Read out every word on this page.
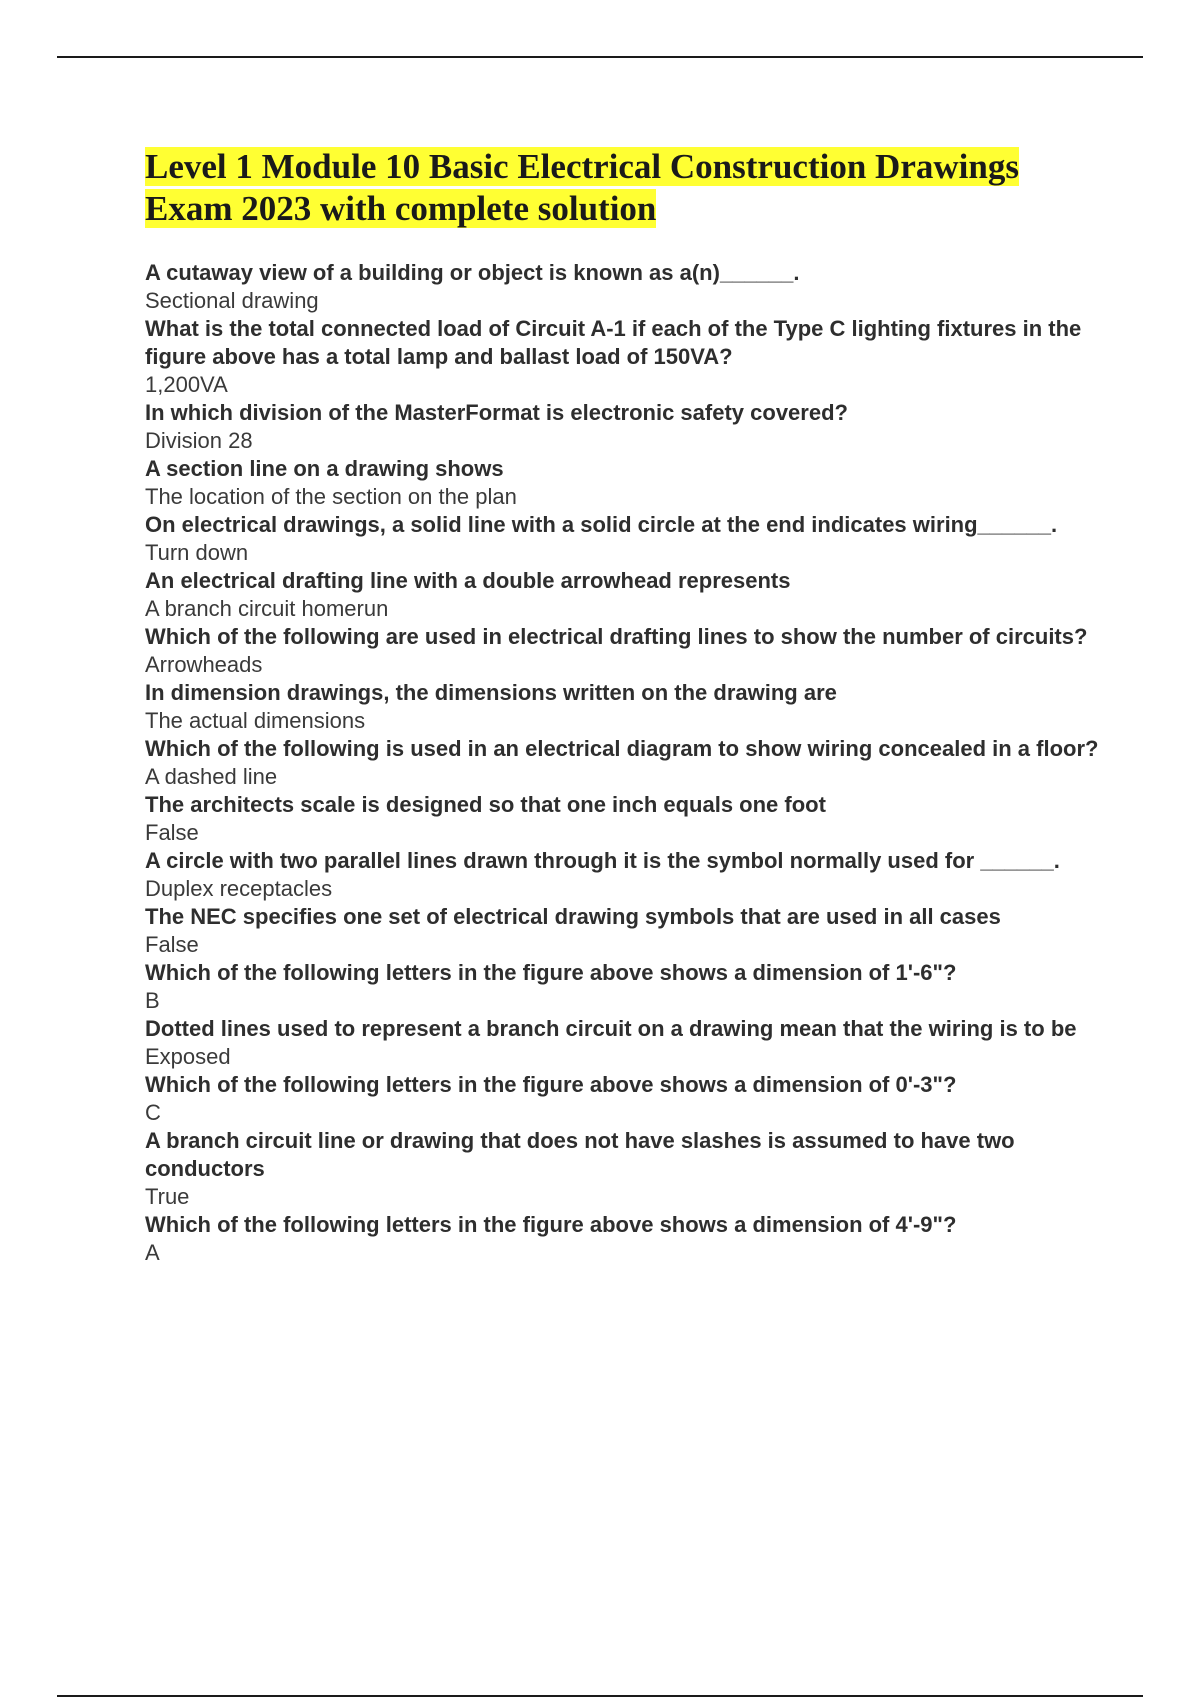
Level 1 Module 10 Basic Electrical Construction Drawings Exam 2023 with complete solution
A cutaway view of a building or object is known as a(n)______.
Sectional drawing
What is the total connected load of Circuit A-1 if each of the Type C lighting fixtures in the figure above has a total lamp and ballast load of 150VA?
1,200VA
In which division of the MasterFormat is electronic safety covered?
Division 28
A section line on a drawing shows
The location of the section on the plan
On electrical drawings, a solid line with a solid circle at the end indicates wiring______.
Turn down
An electrical drafting line with a double arrowhead represents
A branch circuit homerun
Which of the following are used in electrical drafting lines to show the number of circuits?
Arrowheads
In dimension drawings, the dimensions written on the drawing are
The actual dimensions
Which of the following is used in an electrical diagram to show wiring concealed in a floor?
A dashed line
The architects scale is designed so that one inch equals one foot
False
A circle with two parallel lines drawn through it is the symbol normally used for ______.
Duplex receptacles
The NEC specifies one set of electrical drawing symbols that are used in all cases
False
Which of the following letters in the figure above shows a dimension of 1'-6"?
B
Dotted lines used to represent a branch circuit on a drawing mean that the wiring is to be
Exposed
Which of the following letters in the figure above shows a dimension of 0'-3"?
C
A branch circuit line or drawing that does not have slashes is assumed to have two conductors
True
Which of the following letters in the figure above shows a dimension of 4'-9"?
A
